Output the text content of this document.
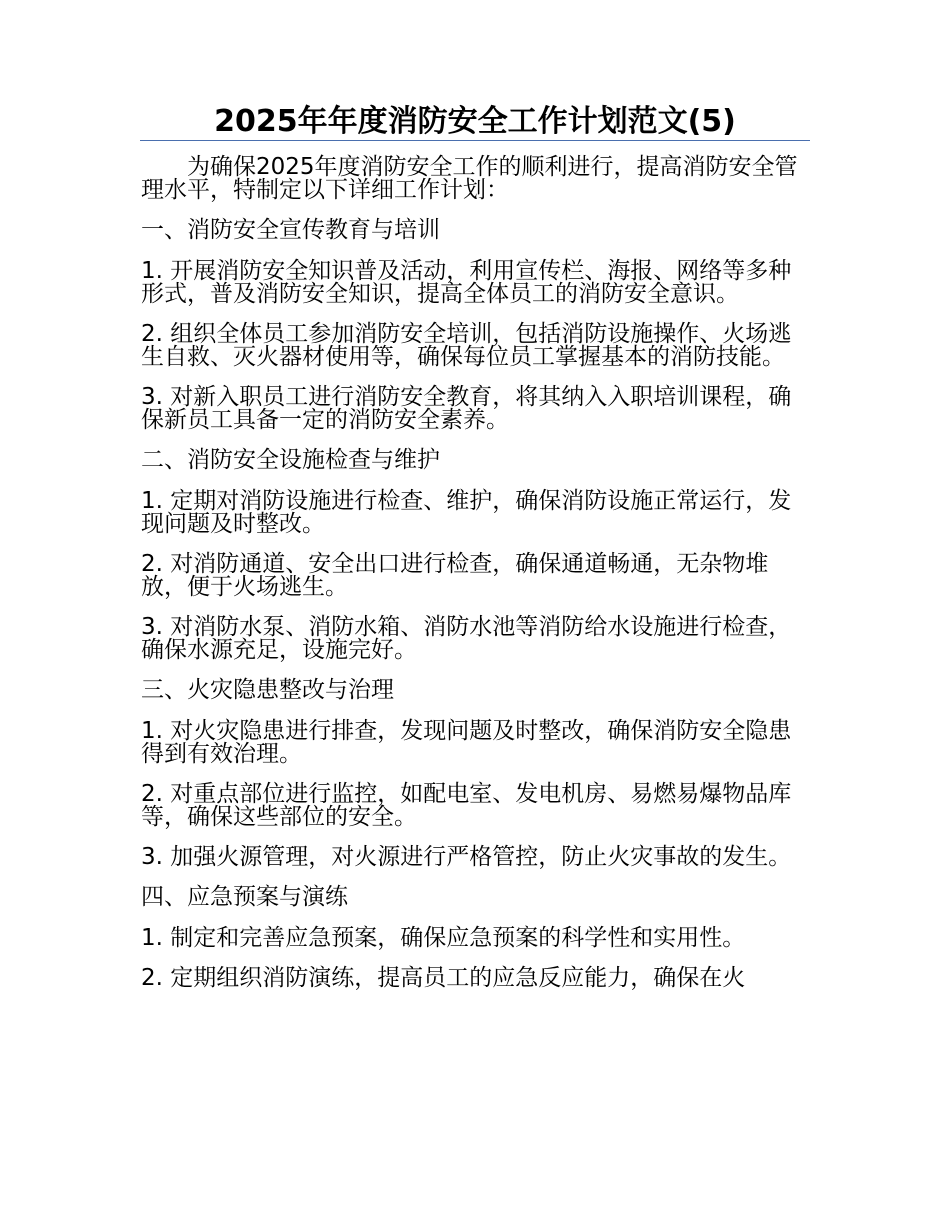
2025年年度消防安全工作计划范文(5)

为确保2025年度消防安全工作的顺利进行，提高消防安全管理水平，特制定以下详细工作计划：

一、消防安全宣传教育与培训

1. 开展消防安全知识普及活动，利用宣传栏、海报、网络等多种形式，普及消防安全知识，提高全体员工的消防安全意识。

2. 组织全体员工参加消防安全培训，包括消防设施操作、火场逃生自救、灭火器材使用等，确保每位员工掌握基本的消防技能。

3. 对新入职员工进行消防安全教育，将其纳入入职培训课程，确保新员工具备一定的消防安全素养。

二、消防安全设施检查与维护

1. 定期对消防设施进行检查、维护，确保消防设施正常运行，发现问题及时整改。

2. 对消防通道、安全出口进行检查，确保通道畅通，无杂物堆放，便于火场逃生。

3. 对消防水泵、消防水箱、消防水池等消防给水设施进行检查，确保水源充足，设施完好。

三、火灾隐患整改与治理

1. 对火灾隐患进行排查，发现问题及时整改，确保消防安全隐患得到有效治理。

2. 对重点部位进行监控，如配电室、发电机房、易燃易爆物品库等，确保这些部位的安全。

3. 加强火源管理，对火源进行严格管控，防止火灾事故的发生。

四、应急预案与演练

1. 制定和完善应急预案，确保应急预案的科学性和实用性。

2. 定期组织消防演练，提高员工的应急反应能力，确保在火
